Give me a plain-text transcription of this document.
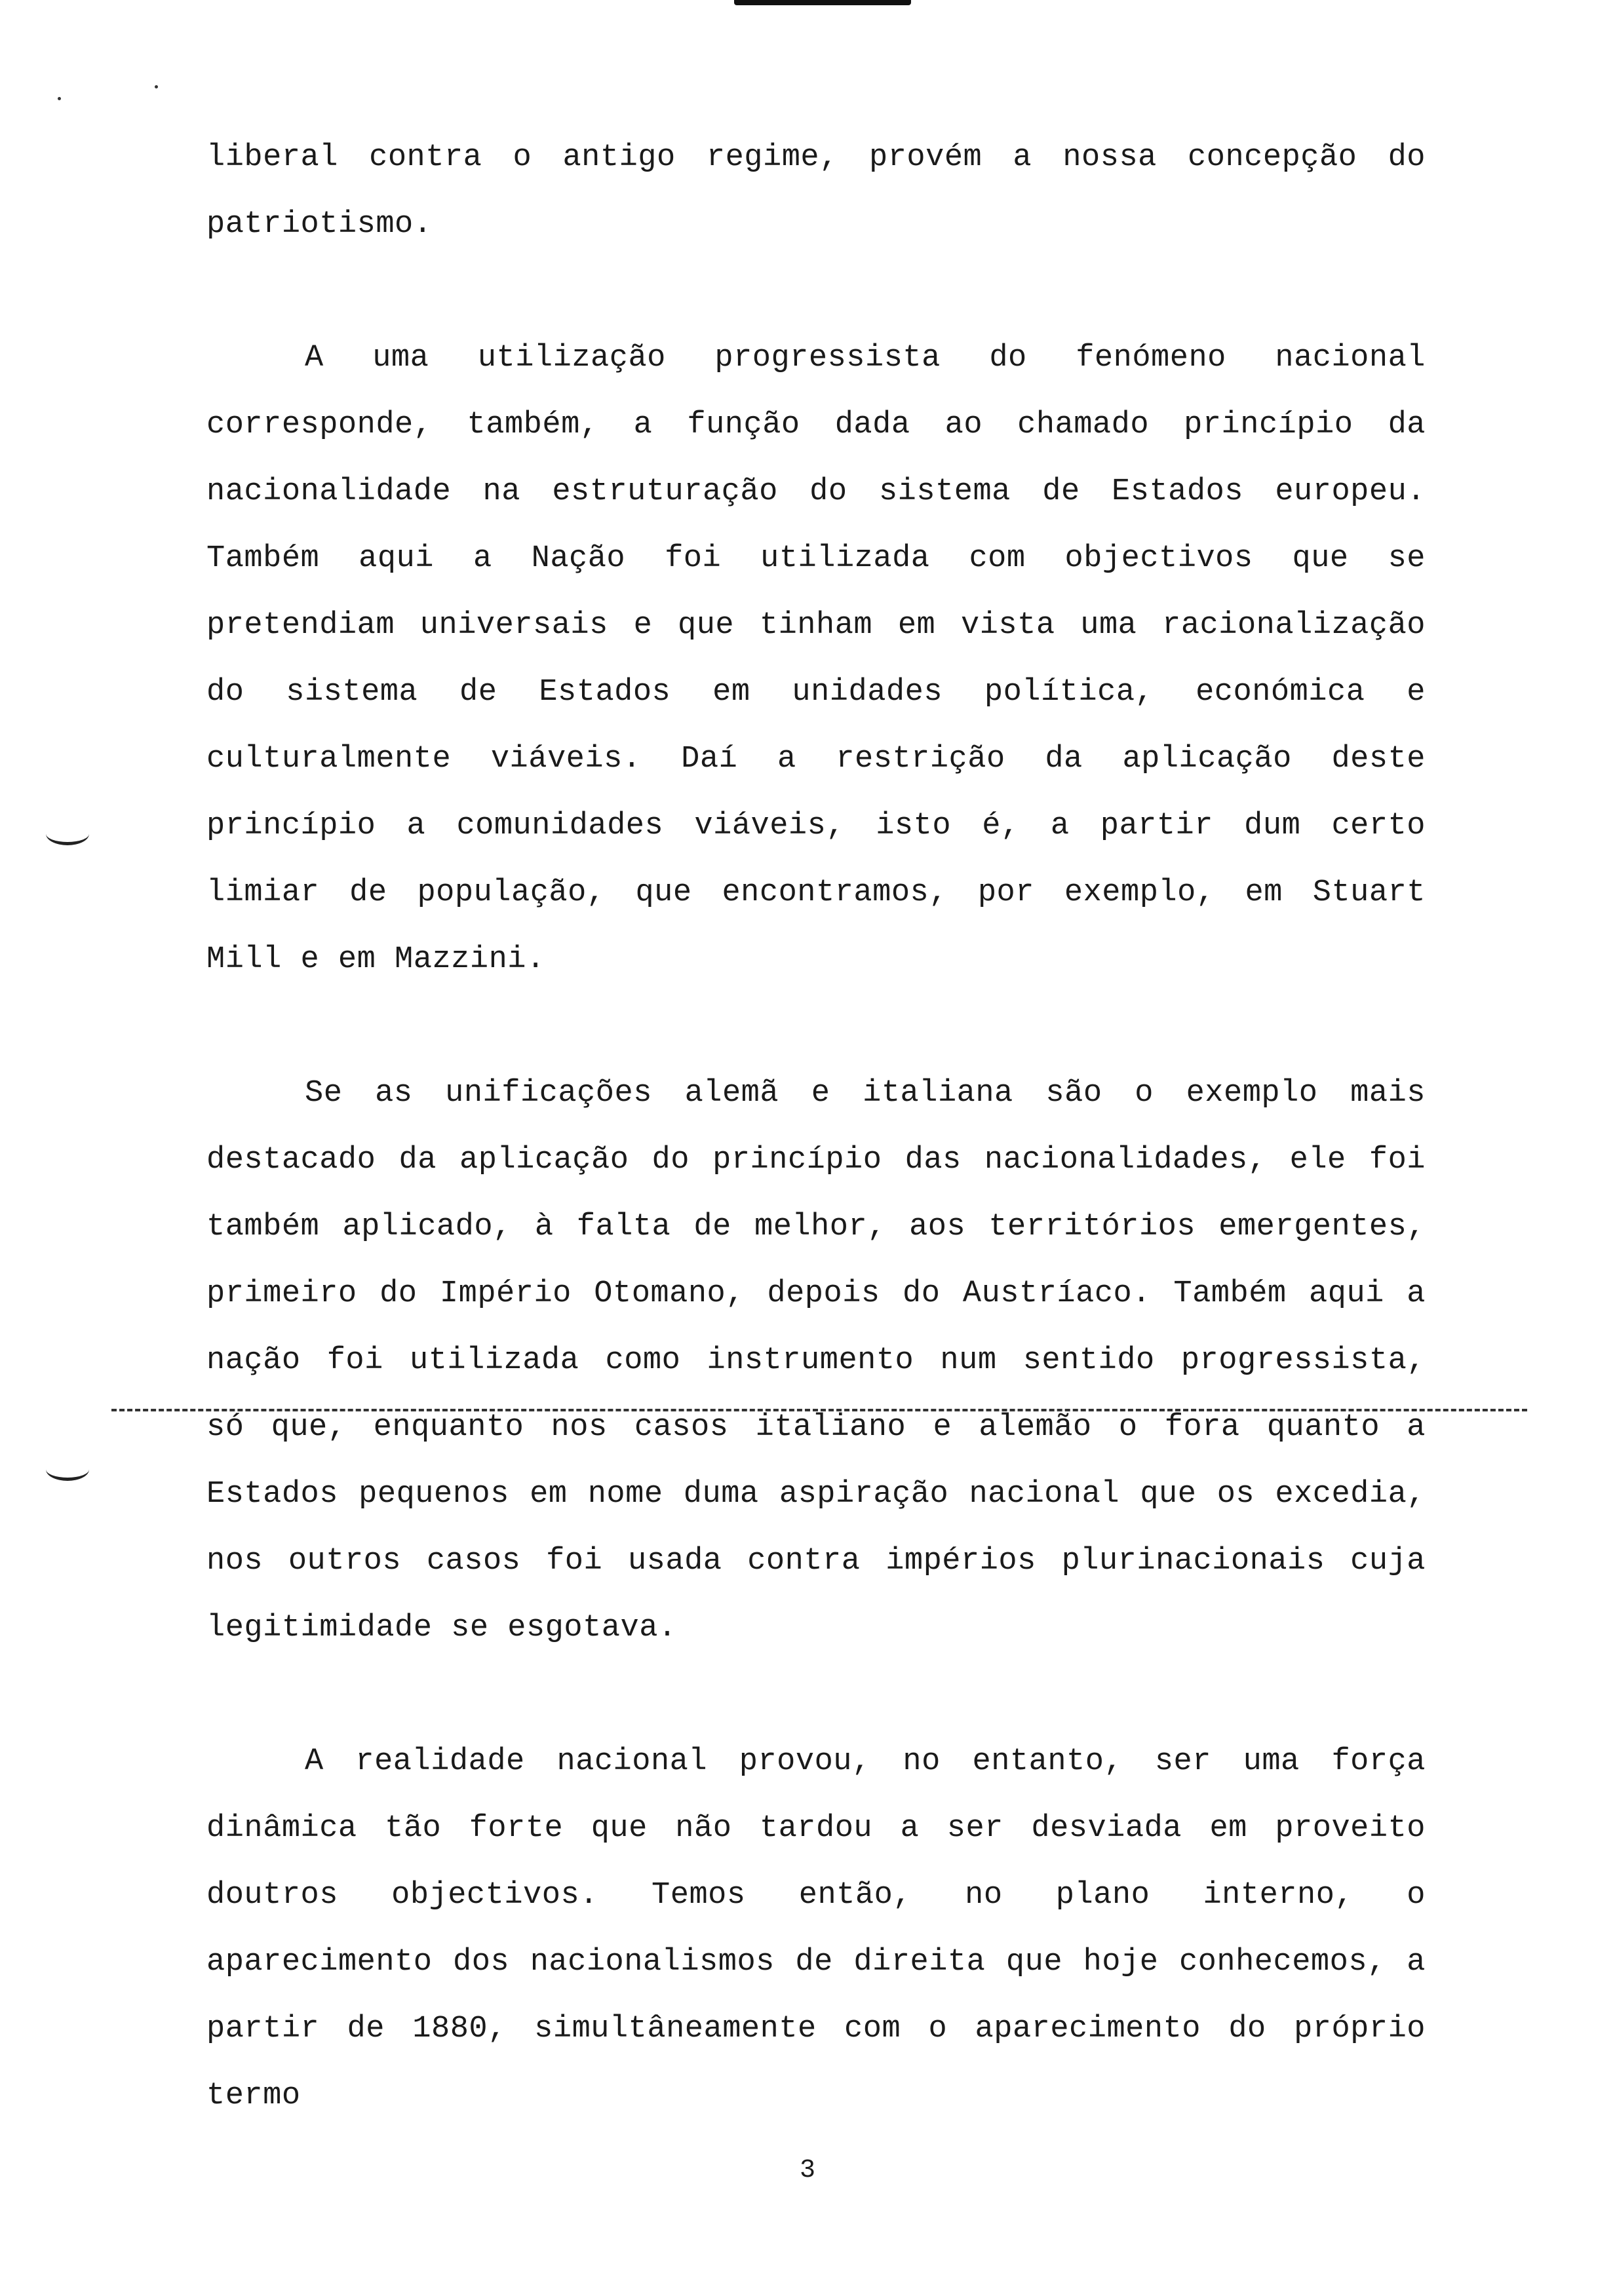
liberal contra o antigo regime, provém a nossa concepção do patriotismo.

A uma utilização progressista do fenómeno nacional corresponde, também, a função dada ao chamado princípio da nacionalidade na estruturação do sistema de Estados europeu. Também aqui a Nação foi utilizada com objectivos que se pretendiam universais e que tinham em vista uma racionalização do sistema de Estados em unidades política, económica e culturalmente viáveis. Daí a restrição da aplicação deste princípio a comunidades viáveis, isto é, a partir dum certo limiar de população, que encontramos, por exemplo, em Stuart Mill e em Mazzini.

Se as unificações alemã e italiana são o exemplo mais destacado da aplicação do princípio das nacionalidades, ele foi também aplicado, à falta de melhor, aos territórios emergentes, primeiro do Império Otomano, depois do Austríaco. Também aqui a nação foi utilizada como instrumento num sentido progressista, só que, enquanto nos casos italiano e alemão o fora quanto a Estados pequenos em nome duma aspiração nacional que os excedia, nos outros casos foi usada contra impérios plurinacionais cuja legitimidade se esgotava.

A realidade nacional provou, no entanto, ser uma força dinâmica tão forte que não tardou a ser desviada em proveito doutros objectivos. Temos então, no plano interno, o aparecimento dos nacionalismos de direita que hoje conhecemos, a partir de 1880, simultâneamente com o aparecimento do próprio termo

3
